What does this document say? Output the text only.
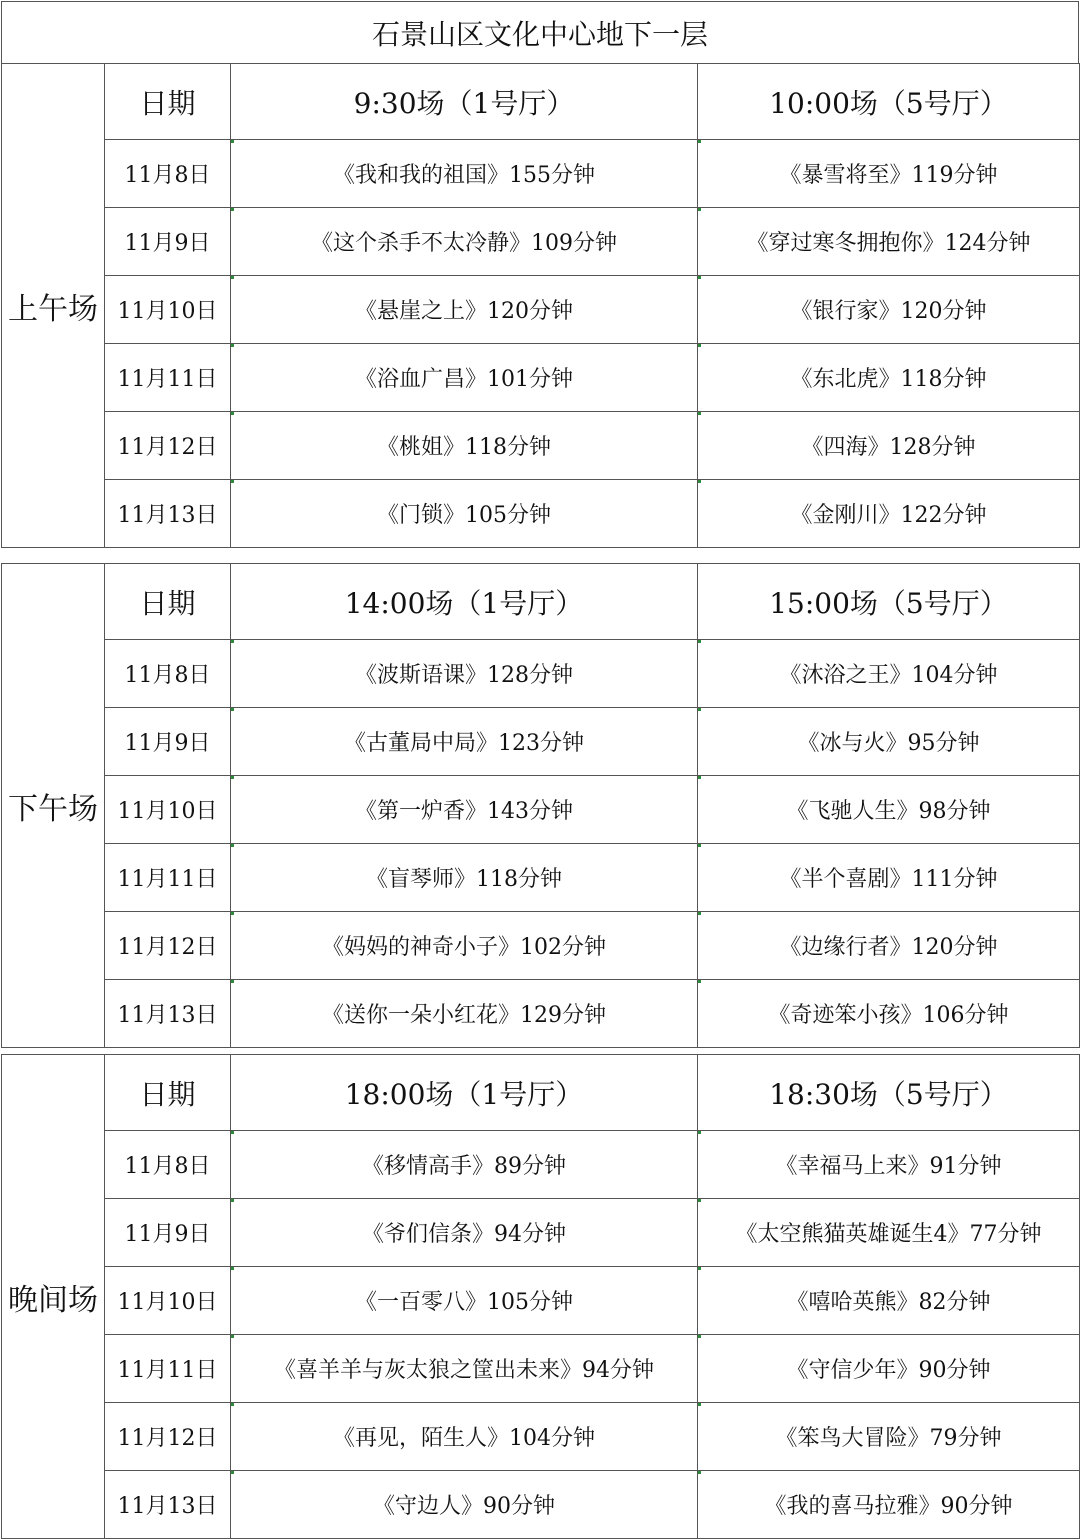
石景山区文化中心地下一层
上午场	日期	9:30场（1号厅）	10:00场（5号厅）
	11月8日	《我和我的祖国》155分钟	《暴雪将至》119分钟
	11月9日	《这个杀手不太冷静》109分钟	《穿过寒冬拥抱你》124分钟
	11月10日	《悬崖之上》120分钟	《银行家》120分钟
	11月11日	《浴血广昌》101分钟	《东北虎》118分钟
	11月12日	《桃姐》118分钟	《四海》128分钟
	11月13日	《门锁》105分钟	《金刚川》122分钟
下午场	日期	14:00场（1号厅）	15:00场（5号厅）
	11月8日	《波斯语课》128分钟	《沐浴之王》104分钟
	11月9日	《古董局中局》123分钟	《冰与火》95分钟
	11月10日	《第一炉香》143分钟	《飞驰人生》98分钟
	11月11日	《盲琴师》118分钟	《半个喜剧》111分钟
	11月12日	《妈妈的神奇小子》102分钟	《边缘行者》120分钟
	11月13日	《送你一朵小红花》129分钟	《奇迹笨小孩》106分钟
晚间场	日期	18:00场（1号厅）	18:30场（5号厅）
	11月8日	《移情高手》89分钟	《幸福马上来》91分钟
	11月9日	《爷们信条》94分钟	《太空熊猫英雄诞生4》77分钟
	11月10日	《一百零八》105分钟	《嘻哈英熊》82分钟
	11月11日	《喜羊羊与灰太狼之筐出未来》94分钟	《守信少年》90分钟
	11月12日	《再见，陌生人》104分钟	《笨鸟大冒险》79分钟
	11月13日	《守边人》90分钟	《我的喜马拉雅》90分钟
